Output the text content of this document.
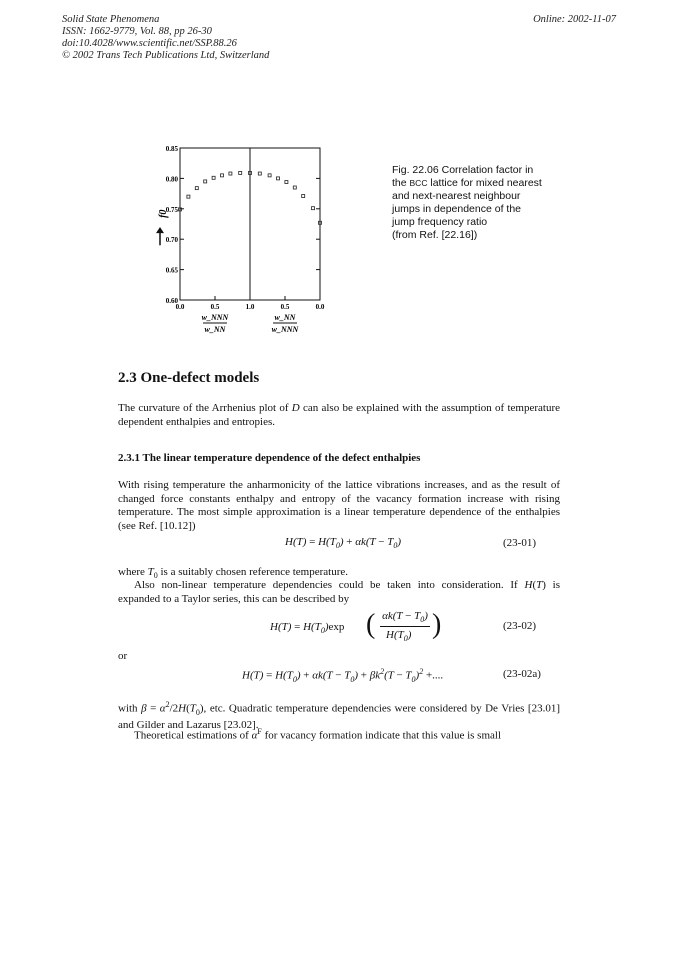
Solid State Phenomena
ISSN: 1662-9779, Vol. 88, pp 26-30
doi:10.4028/www.scientific.net/SSP.88.26
© 2002 Trans Tech Publications Ltd, Switzerland
Online: 2002-11-07
0.85
0.80
0.75
0.70
0.65
0.60
0.0	0.5	1.0	0.5	0.0
w_NNN
w_NN
w_NN
w_NNN
f0
Fig. 22.06 Correlation factor in
the BCC lattice for mixed nearest
and next-nearest neighbour
jumps in dependence of the
jump frequency ratio
(from Ref. [22.16])
2.3 One-defect models
The curvature of the Arrhenius plot of D can also be explained with the assumption of temperature dependent enthalpies and entropies.
2.3.1 The linear temperature dependence of the defect enthalpies
With rising temperature the anharmonicity of the lattice vibrations increases, and as the result of changed force constants enthalpy and entropy of the vacancy formation increase with rising temperature. The most simple approximation is a linear temperature dependence of the enthalpies (see Ref. [10.12])
$H(T) = H(T_0) + \alpha k(T - T_0)$	(23-01)
where $T_0$ is a suitably chosen reference temperature.
Also non-linear temperature dependencies could be taken into consideration. If H(T) is expanded to a Taylor series, this can be described by
$H(T) = H(T_0)\exp$ ( $\alpha k(T - T_0)$
$H(T_0)$ )	(23-02)
or
$H(T) = H(T_0) + \alpha k(T - T_0) + \beta k^2(T - T_0)^2$ +....	(23-02a)
with $\beta = \alpha^2/2H(T_0)$, etc. Quadratic temperature dependencies were considered by De Vries [23.01] and Gilder and Lazarus [23.02].
Theoretical estimations of $\alpha^F$ for vacancy formation indicate that this value is small
